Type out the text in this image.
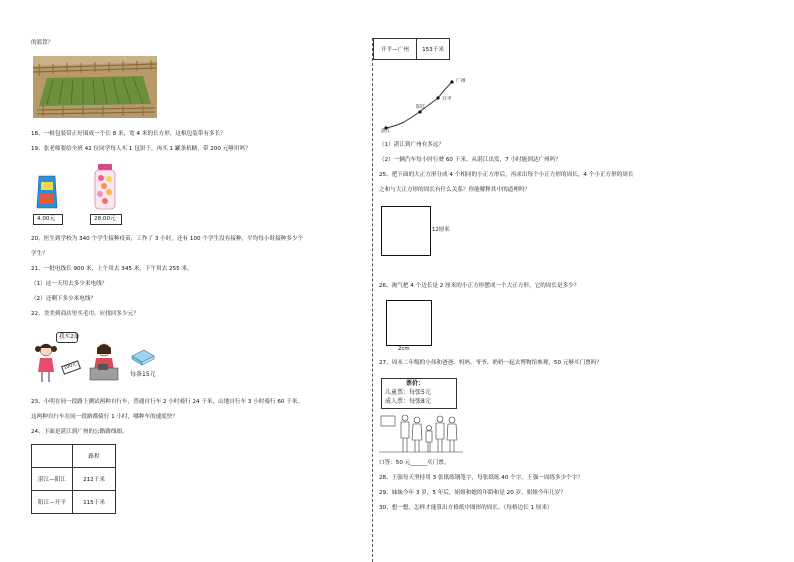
的篮筐？
18、一根包装带正好围成一个长 8 米，宽 4 米的长方形，这根包装带有多长？
19、张老师要给全班 42 位同学每人买 1 包饼干，再买 1 罐条桔糖，带 200 元够用吗？
4.00元	28.00元
20、医生到学校为 340 个学生接种疫苗，工作了 3 小时，还有 100 个学生没有接种，平均每小时接种多少个
学生？
21、一批电线长 900 米，上午用去 345 米，下午用去 255 米。
（1）这一天用去多少米电线？
（2）还剩下多少米电线？
22、美美到商店里买毛巾，应找回多少元？
我买2条
100元
每条15元
23、小明在同一段路上测试两种自行车，普通自行车 2 小时骑行 24 千米，山地自行车 3 小时骑行 60 千米。
这两种自行车在同一段路都骑行 1 小时，哪种车的速度快？
24、下面是湛江到广州的公路路线图。
	路程
湛江—阳江	212千米
阳江—开平	115千米
开平—广州	153千米
广州
开平
阳江
湛江
（1）湛江到广州有多远？
（2）一辆汽车每小时行驶 60 千米，从湛江出发，7 小时能到达广州吗？
25、把下面的大正方形分成 4 个相同的小正方形后，再求出每个小正方形的周长，4 个小正方形的周长
之和与大正方形的周长有什么关系？你能解释其中的道理吗？
12厘米
26、淘气把 4 个边长是 2 厘米的小正方形摆成一个大正方形，它的周长是多少？
2cm
27、周末二年级的小伟和爸爸、妈妈、爷爷、奶奶一起去博物馆参观，50 元够买门票吗？
票价：
儿童票：每张5元
成人票：每张8元
口答：50 元______买门票。
28、王强每天坚持用 3 张纸练钢笔字，每张纸练 40 个字。王强一周练多少个字？
29、妹妹今年 3 岁，5 年后，姐姐和她的年龄和是 20 岁。姐姐今年几岁？
30、想一想，怎样才能算出方格纸中图形的周长。（每格边长 1 厘米）
